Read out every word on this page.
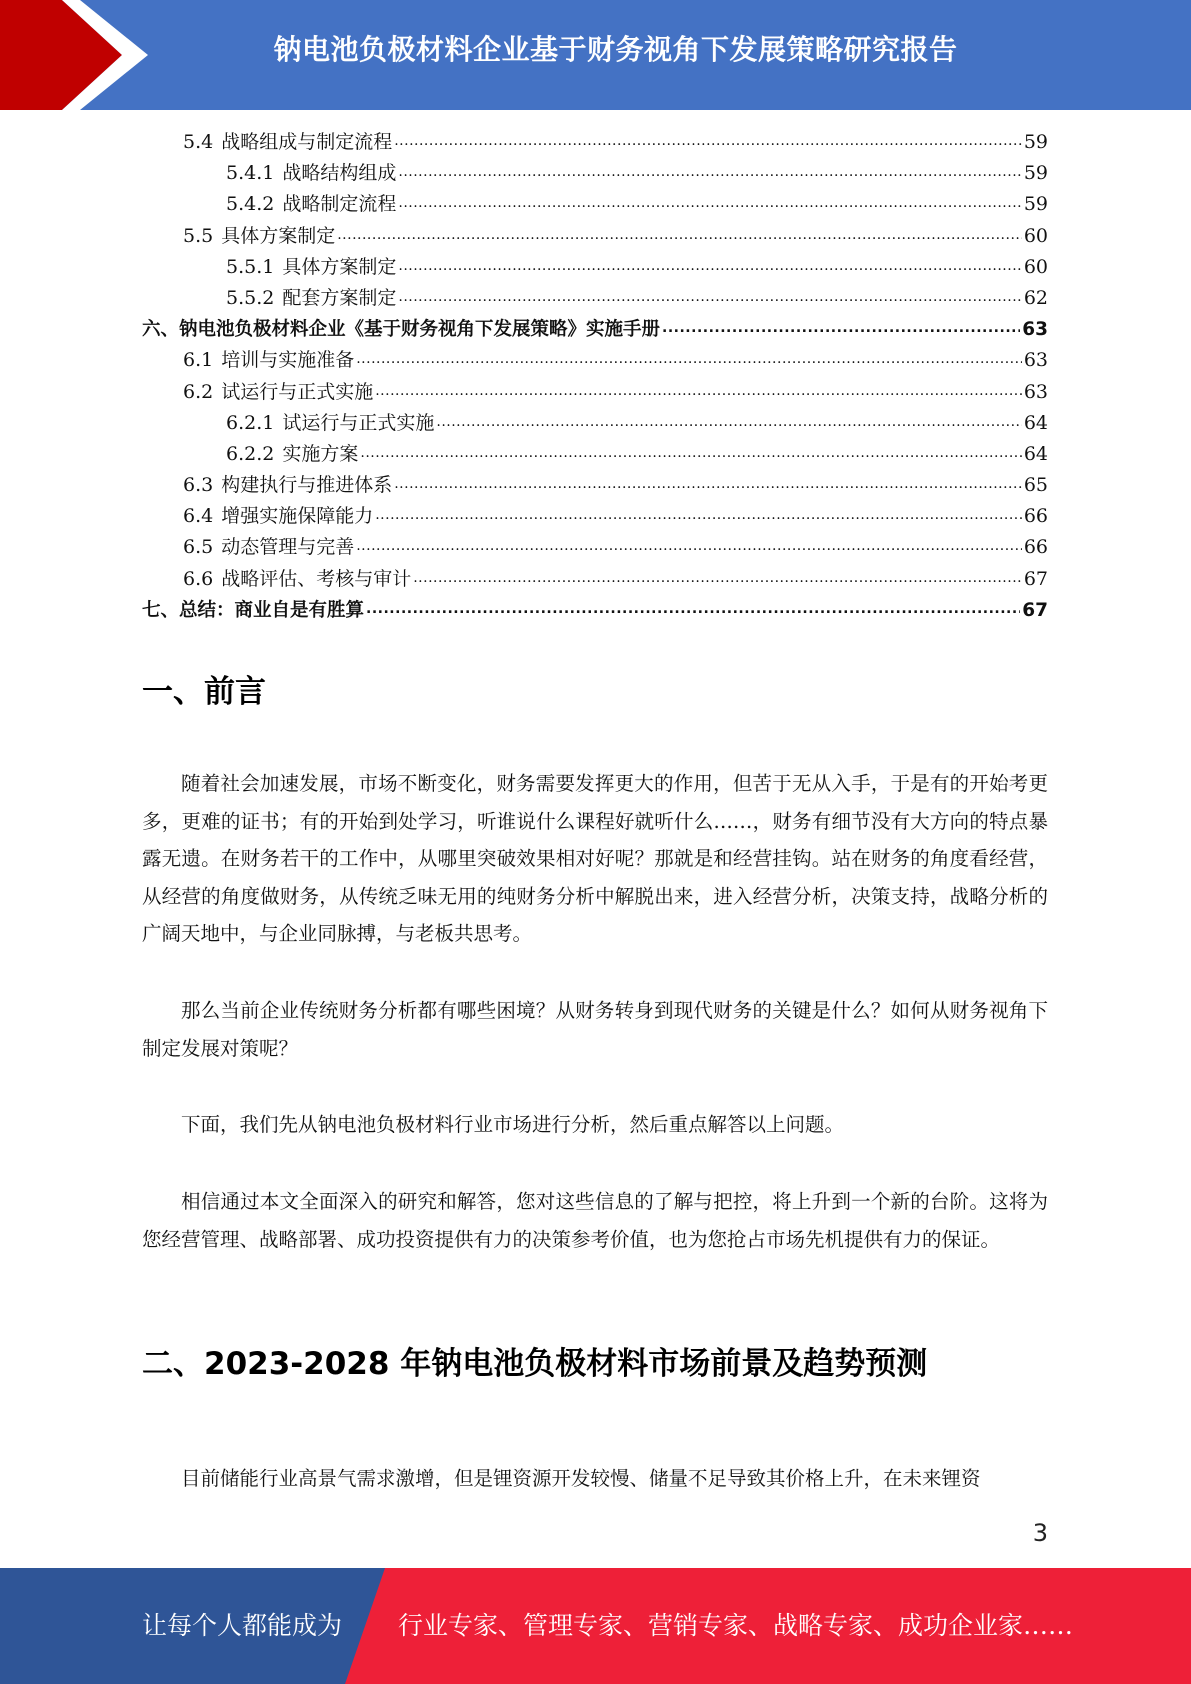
钠电池负极材料企业基于财务视角下发展策略研究报告
5.4 战略组成与制定流程 .....	59
5.4.1 战略结构组成 .....	59
5.4.2 战略制定流程 .....	59
5.5 具体方案制定 .....	60
5.5.1 具体方案制定 .....	60
5.5.2 配套方案制定 .....	62
六、 钠电池负极材料企业《基于财务视角下发展策略》实施手册 .....	63
6.1 培训与实施准备 .....	63
6.2 试运行与正式实施 .....	63
6.2.1 试运行与正式实施 .....	64
6.2.2 实施方案 .....	64
6.3 构建执行与推进体系 .....	65
6.4 增强实施保障能力 .....	66
6.5 动态管理与完善 .....	66
6.6 战略评估、考核与审计 .....	67
七、 总结：商业自是有胜算 .....	67
一、前言
随着社会加速发展，市场不断变化，财务需要发挥更大的作用，但苦于无从入手，于是有的开始考更多，更难的证书；有的开始到处学习，听谁说什么课程好就听什么……，财务有细节没有大方向的特点暴露无遗。在财务若干的工作中，从哪里突破效果相对好呢？那就是和经营挂钩。站在财务的角度看经营，从经营的角度做财务，从传统乏味无用的纯财务分析中解脱出来，进入经营分析，决策支持，战略分析的广阔天地中，与企业同脉搏，与老板共思考。
那么当前企业传统财务分析都有哪些困境？从财务转身到现代财务的关键是什么？如何从财务视角下制定发展对策呢？
下面，我们先从钠电池负极材料行业市场进行分析，然后重点解答以上问题。
相信通过本文全面深入的研究和解答，您对这些信息的了解与把控，将上升到一个新的台阶。这将为您经营管理、战略部署、成功投资提供有力的决策参考价值，也为您抢占市场先机提供有力的保证。
二、2023-2028 年钠电池负极材料市场前景及趋势预测
目前储能行业高景气需求激增，但是锂资源开发较慢、储量不足导致其价格上升，在未来锂资
3
让每个人都能成为 行业专家、管理专家、营销专家、战略专家、成功企业家……
